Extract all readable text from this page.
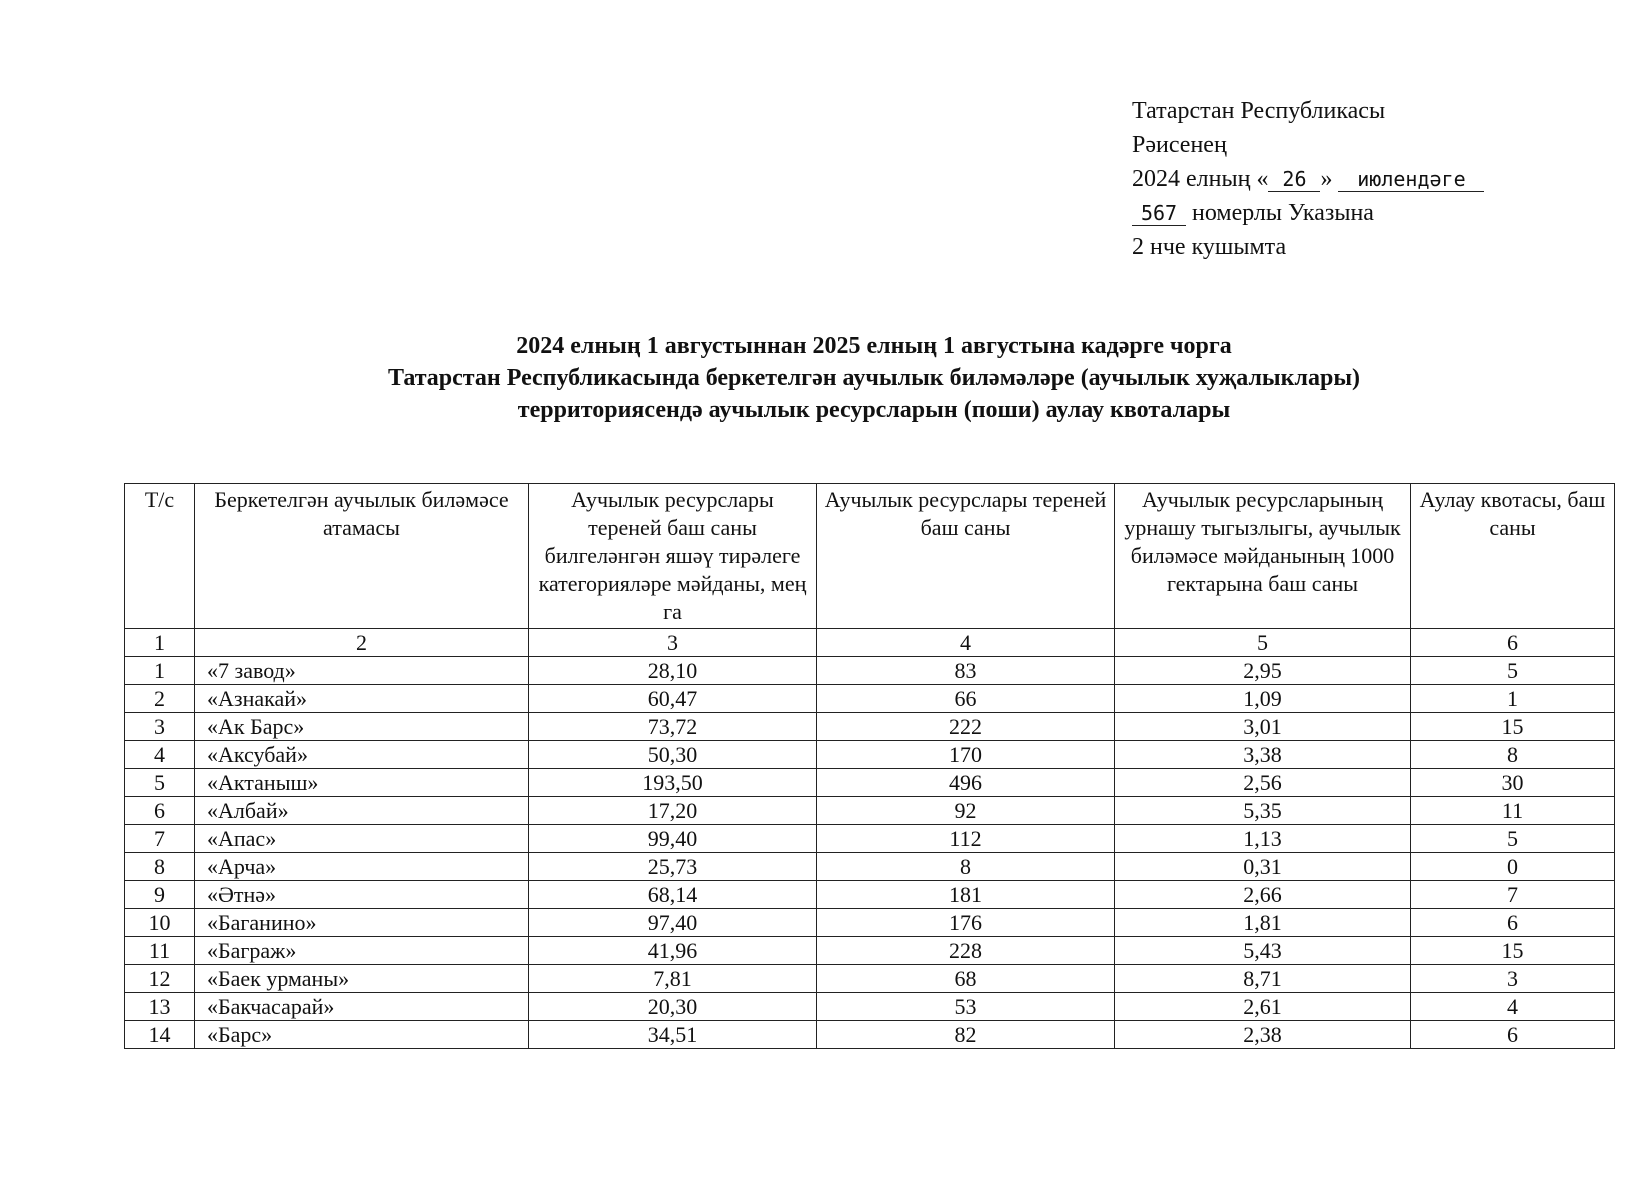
Татарстан Республикасы
Рәисенең
2024 елның « 26 » июлендәге
567 номерлы Указына
2 нче кушымта
2024 елның 1 августыннан 2025 елның 1 августына кадәрге чорга
Татарстан Республикасында беркетелгән аучылык биләмәләре (аучылык хуҗалыклары)
территориясендә аучылык ресурсларын (поши) аулау квоталары
Т/с	Беркетелгән аучылык биләмәсе атамасы	Аучылык ресурслары тереней баш саны билгеләнгән яшәү тирәлеге категорияләре мәйданы, мең га	Аучылык ресурслары тереней баш саны	Аучылык ресурсларының урнашу тыгызлыгы, аучылык биләмәсе мәйданының 1000 гектарына баш саны	Аулау квотасы, баш саны
1	2	3	4	5	6
1	«7 завод»	28,10	83	2,95	5
2	«Азнакай»	60,47	66	1,09	1
3	«Ак Барс»	73,72	222	3,01	15
4	«Аксубай»	50,30	170	3,38	8
5	«Актаныш»	193,50	496	2,56	30
6	«Албай»	17,20	92	5,35	11
7	«Апас»	99,40	112	1,13	5
8	«Арча»	25,73	8	0,31	0
9	«Әтнә»	68,14	181	2,66	7
10	«Баганино»	97,40	176	1,81	6
11	«Баграж»	41,96	228	5,43	15
12	«Баек урманы»	7,81	68	8,71	3
13	«Бакчасарай»	20,30	53	2,61	4
14	«Барс»	34,51	82	2,38	6
